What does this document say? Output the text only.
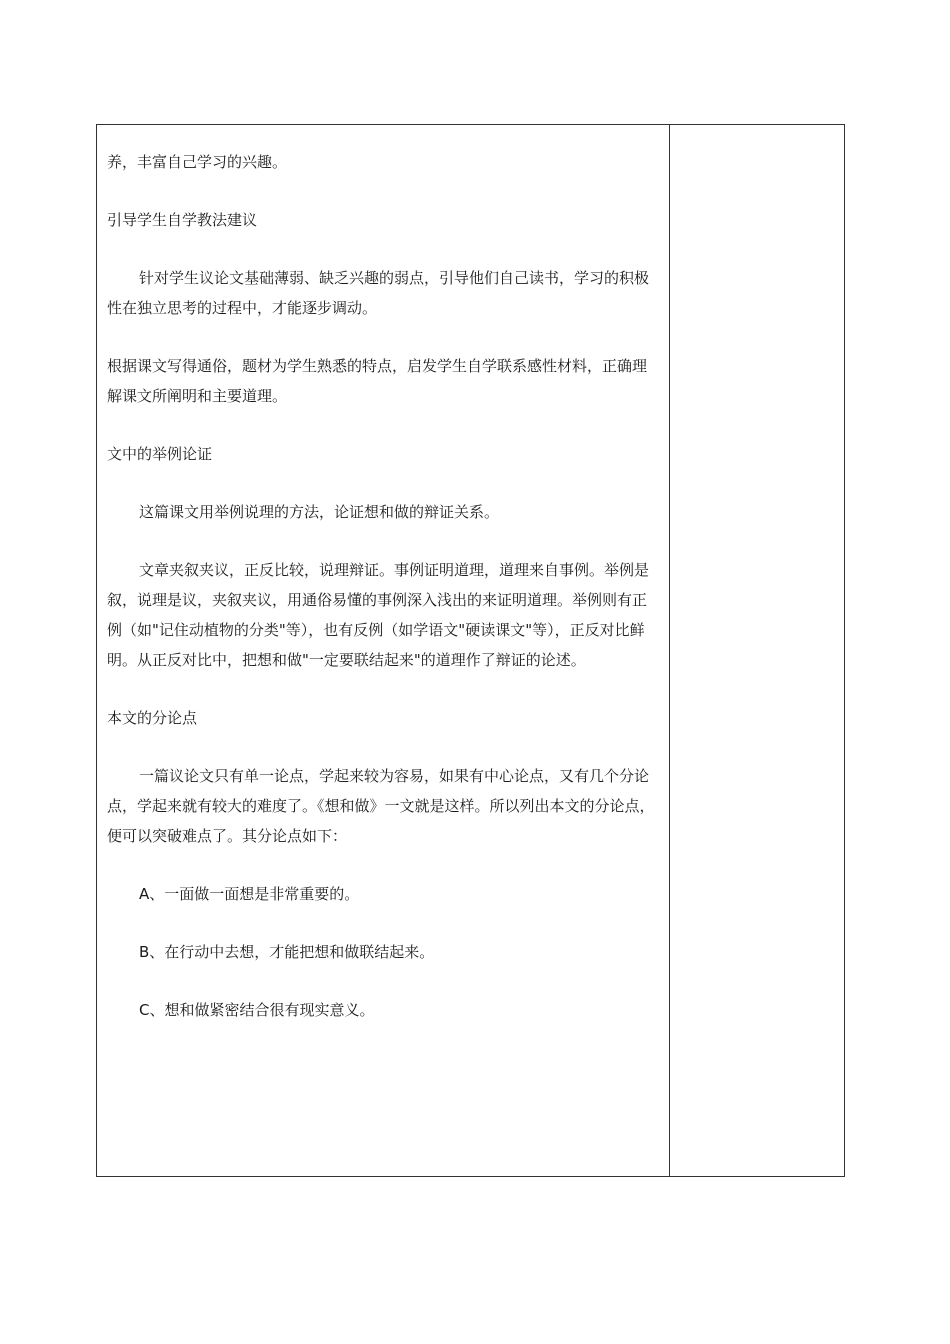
养，丰富自己学习的兴趣。

引导学生自学教法建议

针对学生议论文基础薄弱、缺乏兴趣的弱点，引导他们自己读书，学习的积极性在独立思考的过程中，才能逐步调动。

根据课文写得通俗，题材为学生熟悉的特点，启发学生自学联系感性材料，正确理解课文所阐明和主要道理。

文中的举例论证

这篇课文用举例说理的方法，论证想和做的辩证关系。

文章夹叙夹议，正反比较，说理辩证。事例证明道理，道理来自事例。举例是叙，说理是议，夹叙夹议，用通俗易懂的事例深入浅出的来证明道理。举例则有正例（如"记住动植物的分类"等），也有反例（如学语文"硬读课文"等），正反对比鲜明。从正反对比中，把想和做"一定要联结起来"的道理作了辩证的论述。

本文的分论点

一篇议论文只有单一论点，学起来较为容易，如果有中心论点，又有几个分论点，学起来就有较大的难度了。《想和做》一文就是这样。所以列出本文的分论点，便可以突破难点了。其分论点如下：

A、一面做一面想是非常重要的。

B、在行动中去想，才能把想和做联结起来。

C、想和做紧密结合很有现实意义。
